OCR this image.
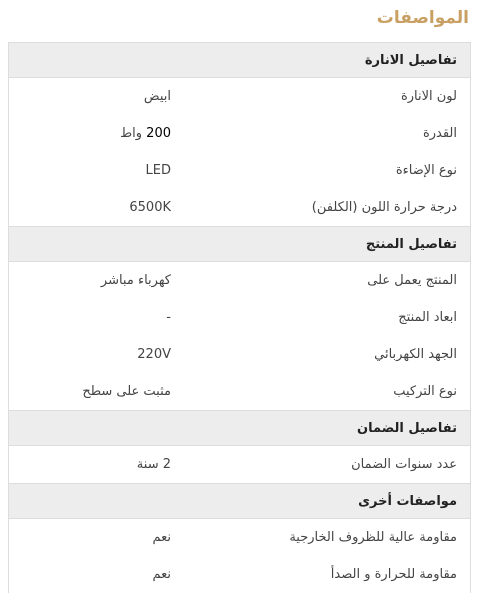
المواصفات
تفاصيل الانارة
لون الانارة
ابيض
القدرة
200 واط
نوع الإضاءة
LED
درجة حرارة اللون (الكلفن)
6500K
تفاصيل المنتج
المنتج يعمل على
كهرباء مباشر
ابعاد المنتج
-
الجهد الكهربائي
220V
نوع التركيب
مثبت على سطح
تفاصيل الضمان
عدد سنوات الضمان
2 سنة
مواصفات أخرى
مقاومة عالية للظروف الخارجية
نعم
مقاومة للحرارة و الصدأ
نعم
